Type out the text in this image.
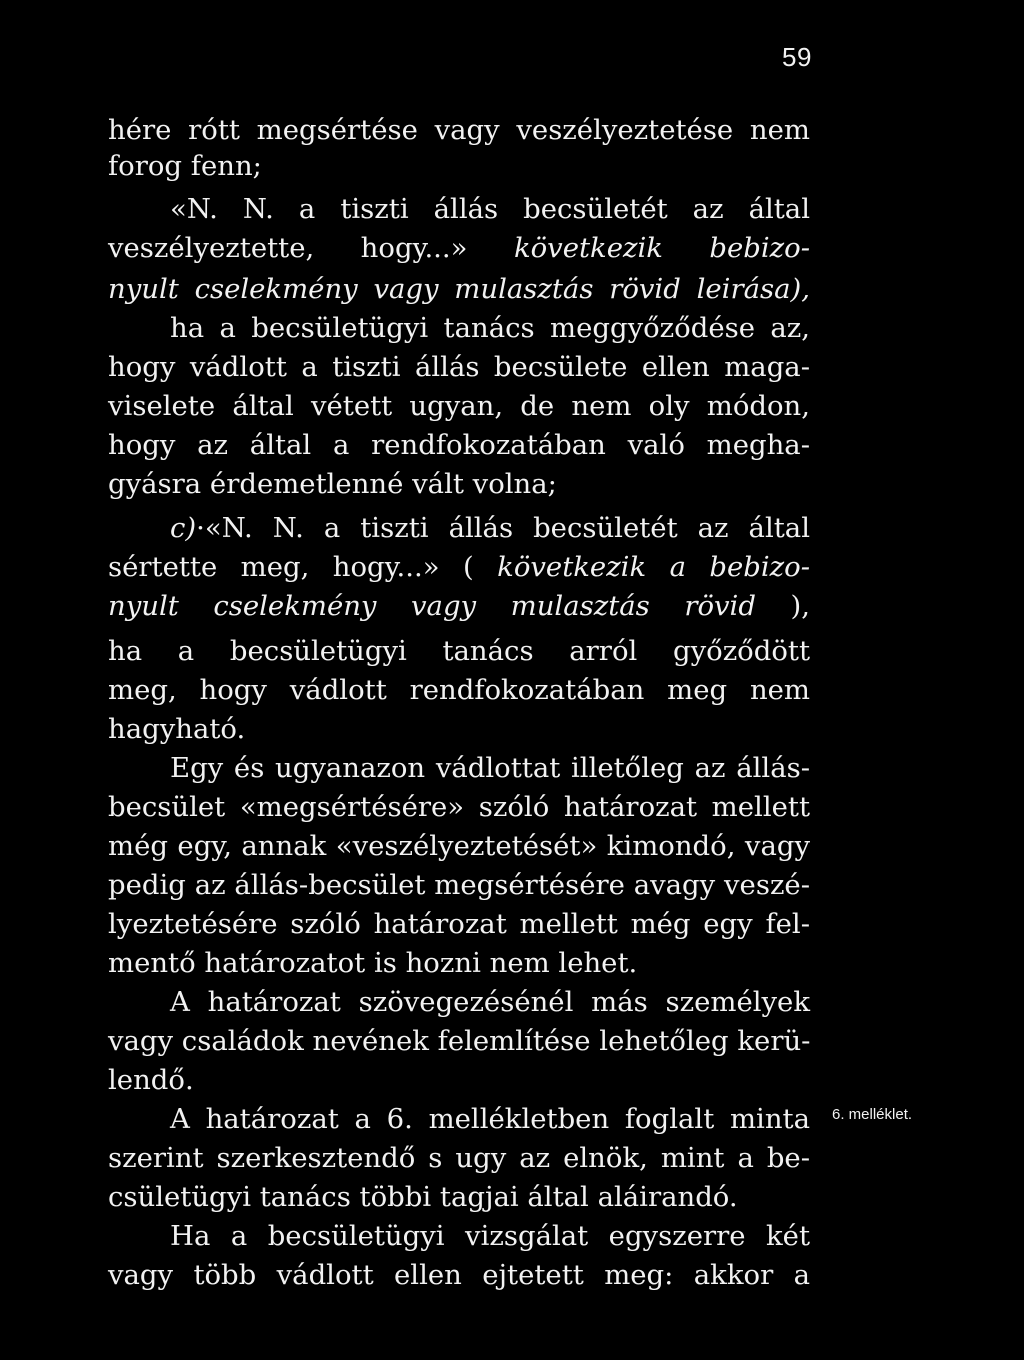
59
hére rótt megsértése vagy veszélyeztetése nem
forog fenn;
«N. N. a tiszti állás becsületét az által
veszélyeztette, hogy...» következik bebizo-
nyult cselekmény vagy mulasztás rövid leirása),
ha a becsületügyi tanács meggyőződése az,
hogy vádlott a tiszti állás becsülete ellen maga-
viselete által vétett ugyan, de nem oly módon,
hogy az által a rendfokozatában való megha-
gyásra érdemetlenné vált volna;
c)·«N. N. a tiszti állás becsületét az által
sértette meg, hogy...» ( következik a bebizo-
nyult cselekmény vagy mulasztás rövid ),
ha a becsületügyi tanács arról győződött
meg, hogy vádlott rendfokozatában meg nem
hagyható.
Egy és ugyanazon vádlottat illetőleg az állás-
becsület «megsértésére» szóló határozat mellett
még egy, annak «veszélyeztetését» kimondó, vagy
pedig az állás-becsület megsértésére avagy veszé-
lyeztetésére szóló határozat mellett még egy fel-
mentő határozatot is hozni nem lehet.
A határozat szövegezésénél más személyek
vagy családok nevének felemlítése lehetőleg kerü-
lendő.
A határozat a 6. mellékletben foglalt minta
szerint szerkesztendő s ugy az elnök, mint a be-
csületügyi tanács többi tagjai által aláirandó.
Ha a becsületügyi vizsgálat egyszerre két
vagy több vádlott ellen ejtetett meg: akkor a
6. melléklet.
